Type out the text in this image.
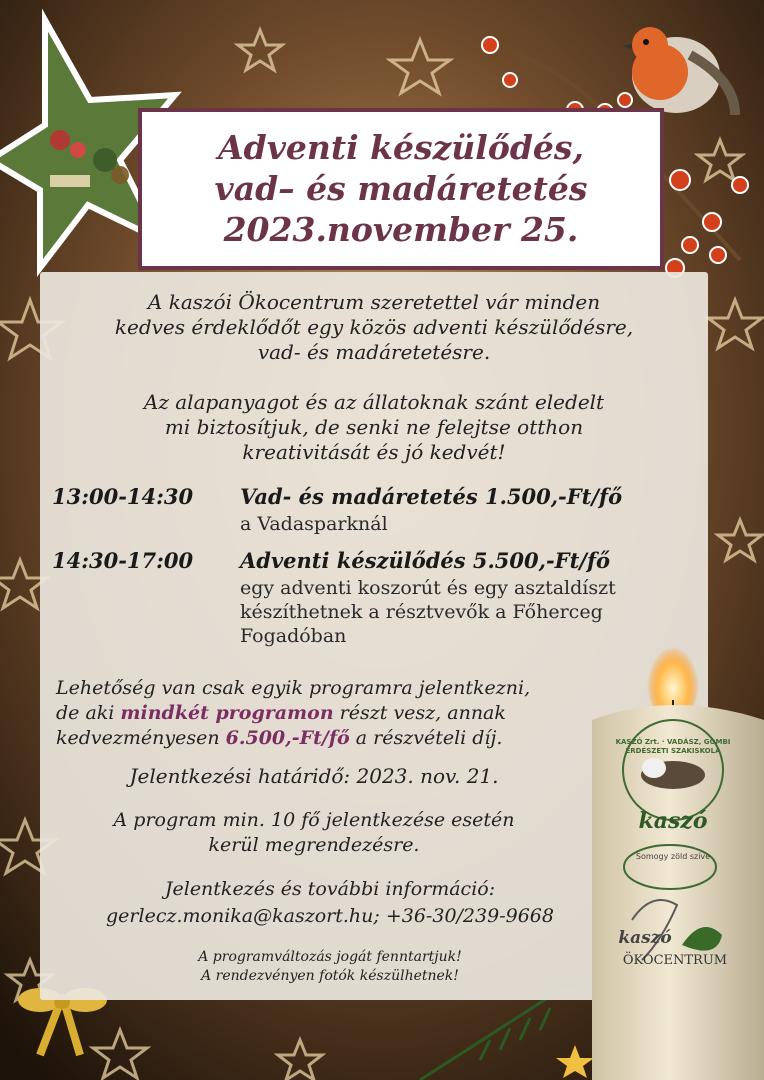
Adventi készülődés,
vad– és madáretetés
2023.november 25.
KASZÓ Zrt. · VADÁSZ, GOMBI ERDÉSZETI SZAKISKOLA
kaszó
Somogy zöld szíve
kaszó
ÖKOCENTRUM
A kaszói Ökocentrum szeretettel vár minden
kedves érdeklődőt egy közös adventi készülődésre,
vad- és madáretetésre.
Az alapanyagot és az állatoknak szánt eledelt
mi biztosítjuk, de senki ne felejtse otthon
kreativitását és jó kedvét!
13:00-14:30 Vad- és madáretetés 1.500,-Ft/fő
a Vadasparknál
14:30-17:00 Adventi készülődés 5.500,-Ft/fő
egy adventi koszorút és egy asztaldíszt
készíthetnek a résztvevők a Főherceg
Fogadóban
Lehetőség van csak egyik programra jelentkezni,
de aki mindkét programon részt vesz, annak
kedvezményesen 6.500,-Ft/fő a részvételi díj.
Jelentkezési határidő: 2023. nov. 21.
A program min. 10 fő jelentkezése esetén
kerül megrendezésre.
Jelentkezés és további információ:
gerlecz.monika@kaszort.hu; +36-30/239-9668
A programváltozás jogát fenntartjuk!
A rendezvényen fotók készülhetnek!
